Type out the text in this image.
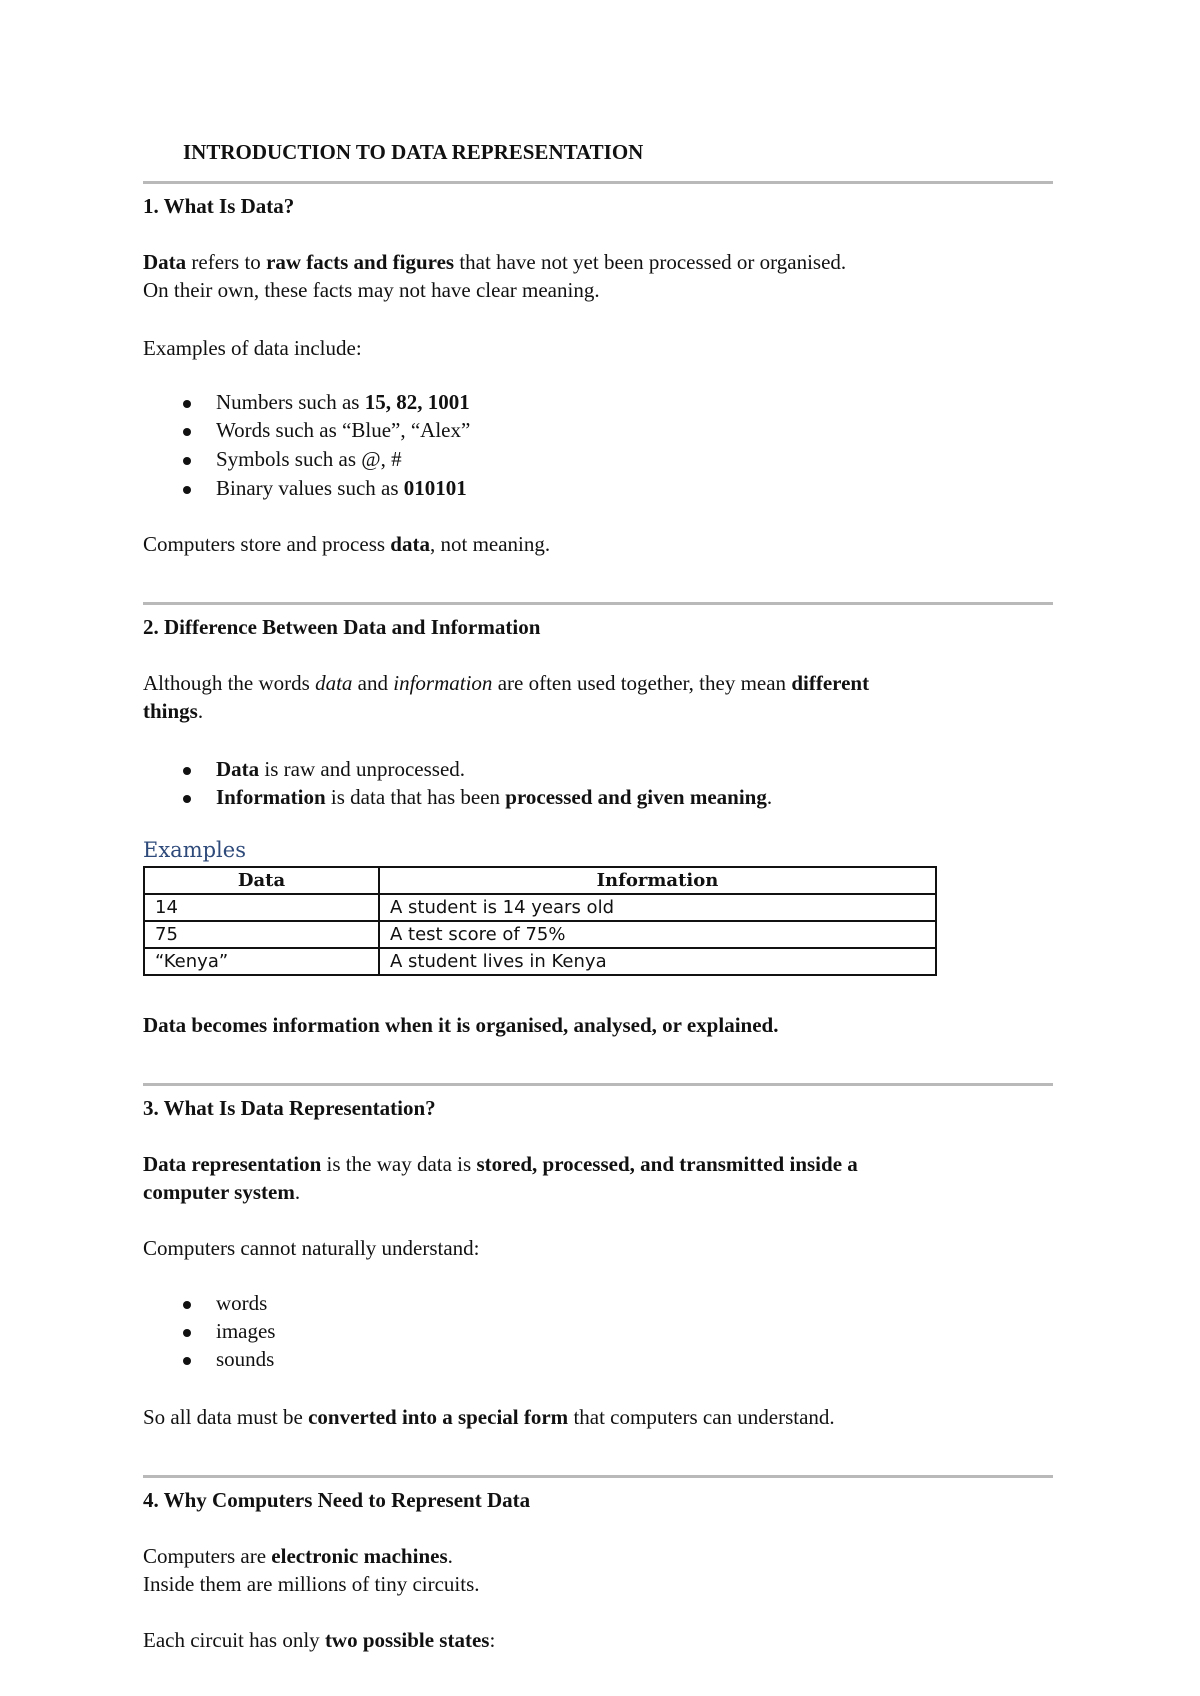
INTRODUCTION TO DATA REPRESENTATION
1. What Is Data?
Data refers to raw facts and figures that have not yet been processed or organised.
On their own, these facts may not have clear meaning.
Examples of data include:
Numbers such as 15, 82, 1001
Words such as “Blue”, “Alex”
Symbols such as @, #
Binary values such as 010101
Computers store and process data, not meaning.
2. Difference Between Data and Information
Although the words data and information are often used together, they mean different
things.
Data is raw and unprocessed.
Information is data that has been processed and given meaning.
Examples
Data	Information
14	A student is 14 years old
75	A test score of 75%
“Kenya”	A student lives in Kenya
Data becomes information when it is organised, analysed, or explained.
3. What Is Data Representation?
Data representation is the way data is stored, processed, and transmitted inside a
computer system.
Computers cannot naturally understand:
words
images
sounds
So all data must be converted into a special form that computers can understand.
4. Why Computers Need to Represent Data
Computers are electronic machines.
Inside them are millions of tiny circuits.
Each circuit has only two possible states:
